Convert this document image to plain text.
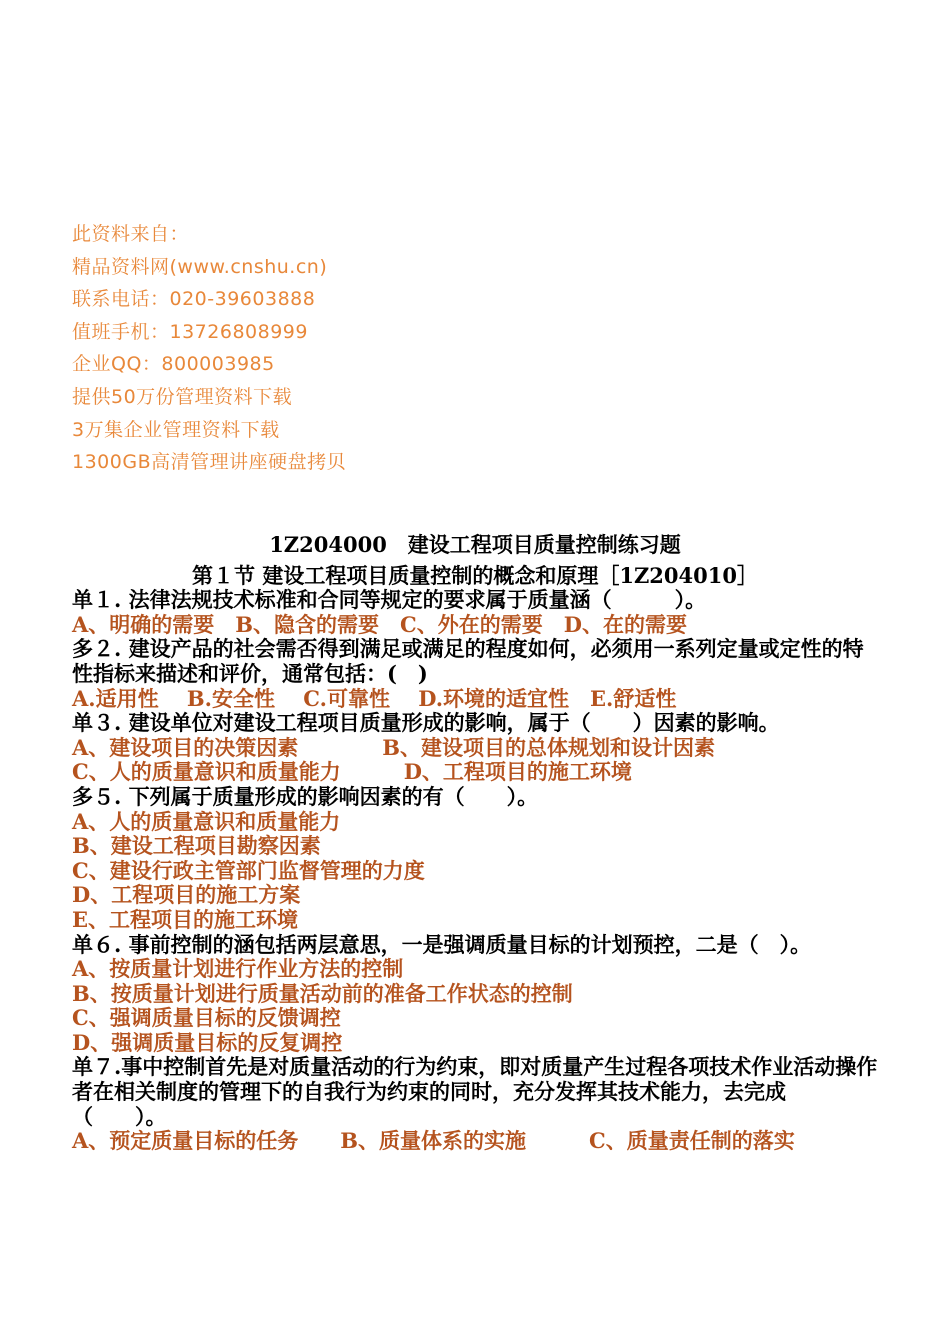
此资料来自：
精品资料网(www.cnshu.cn)
联系电话：020-39603888
值班手机：13726808999
企业QQ：800003985
提供50万份管理资料下载
3万集企业管理资料下载
1300GB高清管理讲座硬盘拷贝
1Z204000　建设工程项目质量控制练习题
第１节 建设工程项目质量控制的概念和原理［1Z204010］
单１. 法律法规技术标准和合同等规定的要求属于质量涵（　　　）。
A、明确的需要　B、隐含的需要　C、外在的需要　D、在的需要
多２. 建设产品的社会需否得到满足或满足的程度如何，必须用一系列定量或定性的特性指标来描述和评价，通常包括：(　)
A.适用性　 B.安全性　 C.可靠性　 D.环境的适宜性　E.舒适性
单３. 建设单位对建设工程项目质量形成的影响，属于（　　）因素的影响。
A、建设项目的决策因素　　　　B、建设项目的总体规划和设计因素
C、人的质量意识和质量能力　　　D、工程项目的施工环境
多５. 下列属于质量形成的影响因素的有（　　）。
A、人的质量意识和质量能力
B、建设工程项目勘察因素
C、建设行政主管部门监督管理的力度
D、工程项目的施工方案
E、工程项目的施工环境
单６. 事前控制的涵包括两层意思，一是强调质量目标的计划预控，二是（　）。
A、按质量计划进行作业方法的控制
B、按质量计划进行质量活动前的准备工作状态的控制
C、强调质量目标的反馈调控
D、强调质量目标的反复调控
单７.事中控制首先是对质量活动的行为约束，即对质量产生过程各项技术作业活动操作者在相关制度的管理下的自我行为约束的同时，充分发挥其技术能力，去完成（　　）。
A、预定质量目标的任务　　B、质量体系的实施　　　C、质量责任制的落实
